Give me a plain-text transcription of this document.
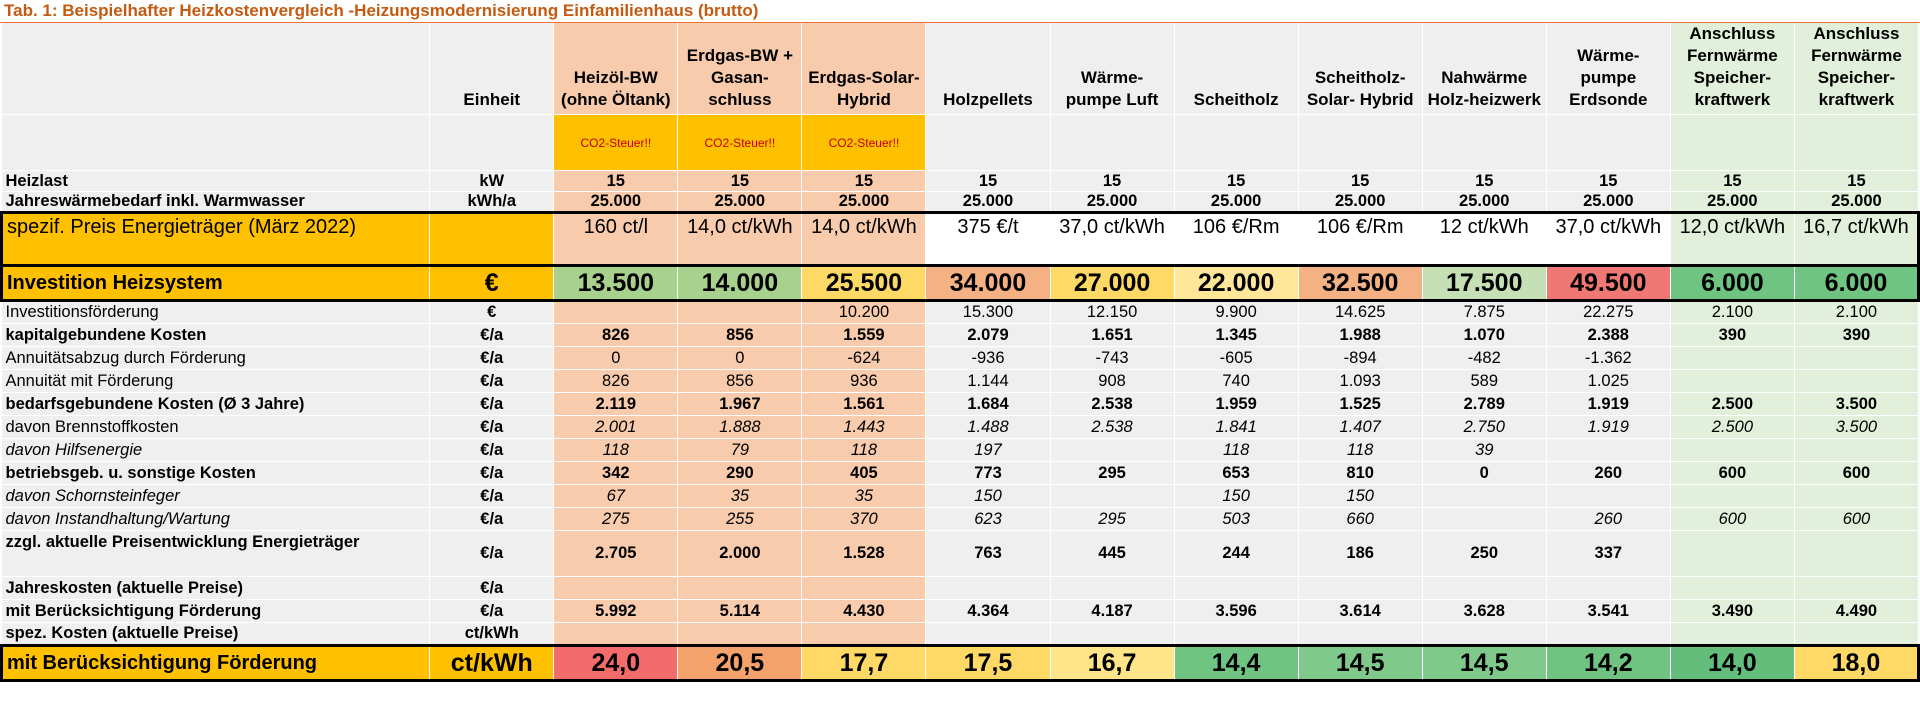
Tab. 1: Beispielhafter Heizkostenvergleich -Heizungsmodernisierung Einfamilienhaus (brutto)
	Einheit	Heizöl-BW (ohne Öltank)	Erdgas-BW + Gasan-schluss	Erdgas-Solar- Hybrid	Holzpellets	Wärme-pumpe Luft	Scheitholz	Scheitholz-Solar- Hybrid	Nahwärme Holz-heizwerk	Wärme-pumpe Erdsonde	Anschluss Fernwärme Speicher-kraftwerk	Anschluss Fernwärme Speicher-kraftwerk
		CO2-Steuer!!	CO2-Steuer!!	CO2-Steuer!!								
Heizlast	kW	15	15	15	15	15	15	15	15	15	15	15
Jahreswärmebedarf inkl. Warmwasser	kWh/a	25.000	25.000	25.000	25.000	25.000	25.000	25.000	25.000	25.000	25.000	25.000
spezif. Preis Energieträger (März 2022)		160 ct/l	14,0 ct/kWh	14,0 ct/kWh	375 €/t	37,0 ct/kWh	106 €/Rm	106 €/Rm	12 ct/kWh	37,0 ct/kWh	12,0 ct/kWh	16,7 ct/kWh
Investition Heizsystem	€	13.500	14.000	25.500	34.000	27.000	22.000	32.500	17.500	49.500	6.000	6.000
Investitionsförderung	€			10.200	15.300	12.150	9.900	14.625	7.875	22.275	2.100	2.100
kapitalgebundene Kosten	€/a	826	856	1.559	2.079	1.651	1.345	1.988	1.070	2.388	390	390
Annuitätsabzug durch Förderung	€/a	0	0	-624	-936	-743	-605	-894	-482	-1.362		
Annuität mit Förderung	€/a	826	856	936	1.144	908	740	1.093	589	1.025		
bedarfsgebundene Kosten (Ø 3 Jahre)	€/a	2.119	1.967	1.561	1.684	2.538	1.959	1.525	2.789	1.919	2.500	3.500
davon Brennstoffkosten	€/a	2.001	1.888	1.443	1.488	2.538	1.841	1.407	2.750	1.919	2.500	3.500
davon Hilfsenergie	€/a	118	79	118	197		118	118	39			
betriebsgeb. u. sonstige Kosten	€/a	342	290	405	773	295	653	810	0	260	600	600
davon Schornsteinfeger	€/a	67	35	35	150		150	150				
davon Instandhaltung/Wartung	€/a	275	255	370	623	295	503	660		260	600	600
zzgl. aktuelle Preisentwicklung Energieträger	€/a	2.705	2.000	1.528	763	445	244	186	250	337		
Jahreskosten (aktuelle Preise)	€/a											
mit Berücksichtigung Förderung	€/a	5.992	5.114	4.430	4.364	4.187	3.596	3.614	3.628	3.541	3.490	4.490
spez. Kosten (aktuelle Preise)	ct/kWh											
mit Berücksichtigung Förderung	ct/kWh	24,0	20,5	17,7	17,5	16,7	14,4	14,5	14,5	14,2	14,0	18,0
